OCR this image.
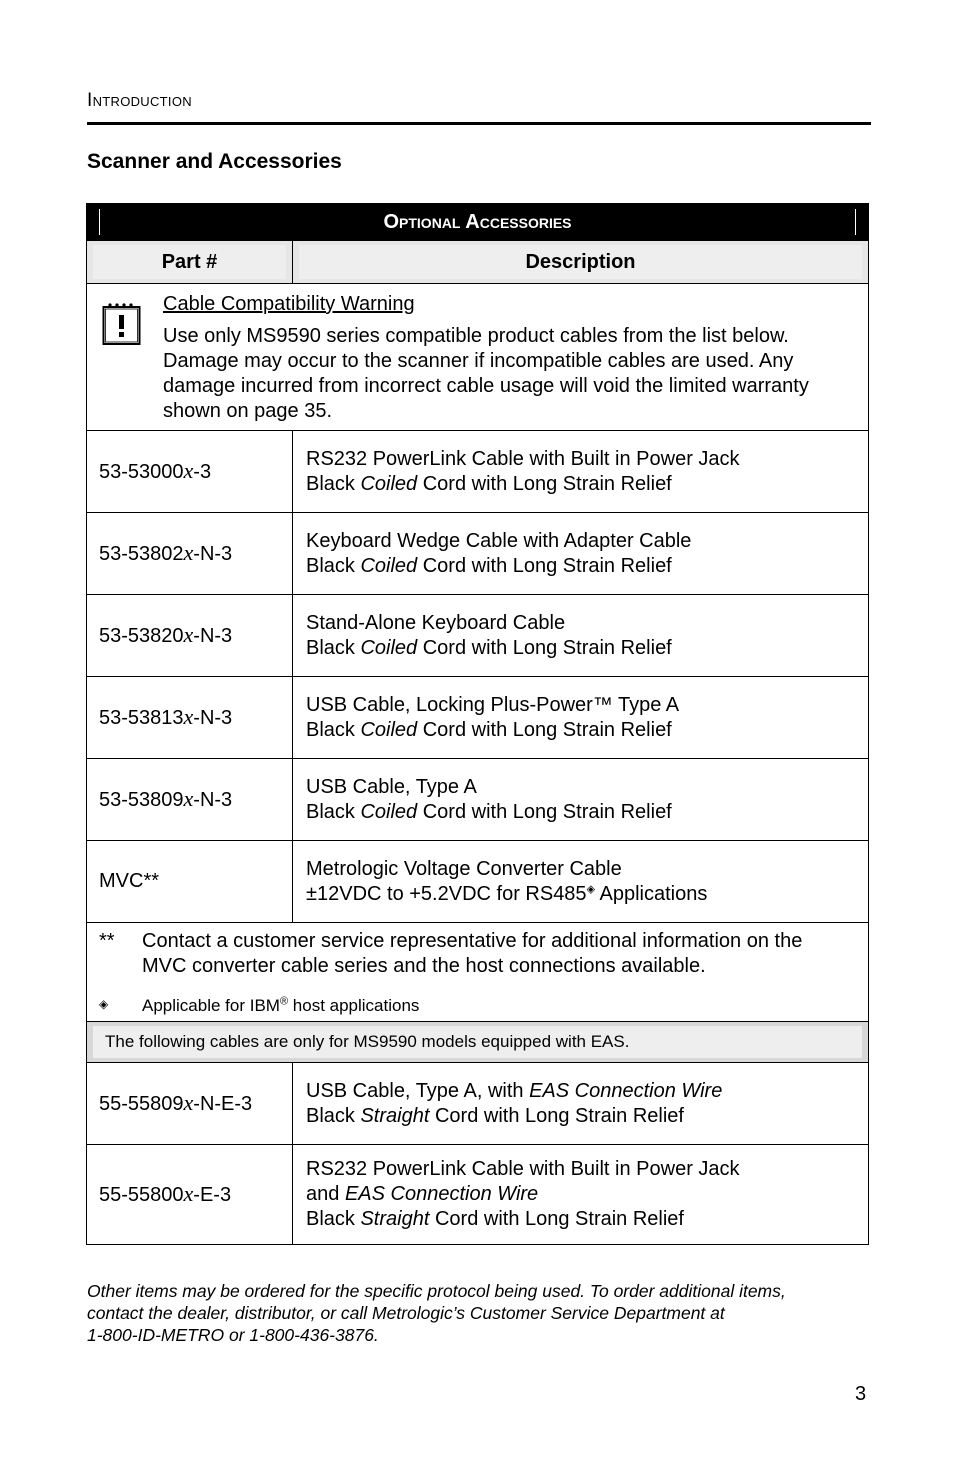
Introduction
Scanner and Accessories
Optional Accessories	

Part #	Description

Cable Compatibility Warning
Use only MS9590 series compatible product cables from the list below. Damage may occur to the scanner if incompatible cables are used. Any damage incurred from incorrect cable usage will void the limited warranty shown on page 35.	

53-53000x-3	RS232 PowerLink Cable with Built in Power Jack
Black Coiled Cord with Long Strain Relief
53-53802x-N-3	Keyboard Wedge Cable with Adapter Cable
Black Coiled Cord with Long Strain Relief
53-53820x-N-3	Stand-Alone Keyboard Cable
Black Coiled Cord with Long Strain Relief
53-53813x-N-3	USB Cable, Locking Plus-Power™ Type A
Black Coiled Cord with Long Strain Relief
53-53809x-N-3	USB Cable, Type A
Black Coiled Cord with Long Strain Relief
MVC**	Metrologic Voltage Converter Cable
±12VDC to +5.2VDC for RS485◈ Applications

** Contact a customer service representative for additional information on the MVC converter cable series and the host connections available.
◈ Applicable for IBM® host applications	

The following cables are only for MS9590 models equipped with EAS.	

55-55809x-N-E-3	USB Cable, Type A, with EAS Connection Wire
Black Straight Cord with Long Strain Relief
55-55800x-E-3	RS232 PowerLink Cable with Built in Power Jack
and EAS Connection Wire
Black Straight Cord with Long Strain Relief
Other items may be ordered for the specific protocol being used. To order additional items,
contact the dealer, distributor, or call Metrologic’s Customer Service Department at
1-800-ID-METRO or 1-800-436-3876.
3
